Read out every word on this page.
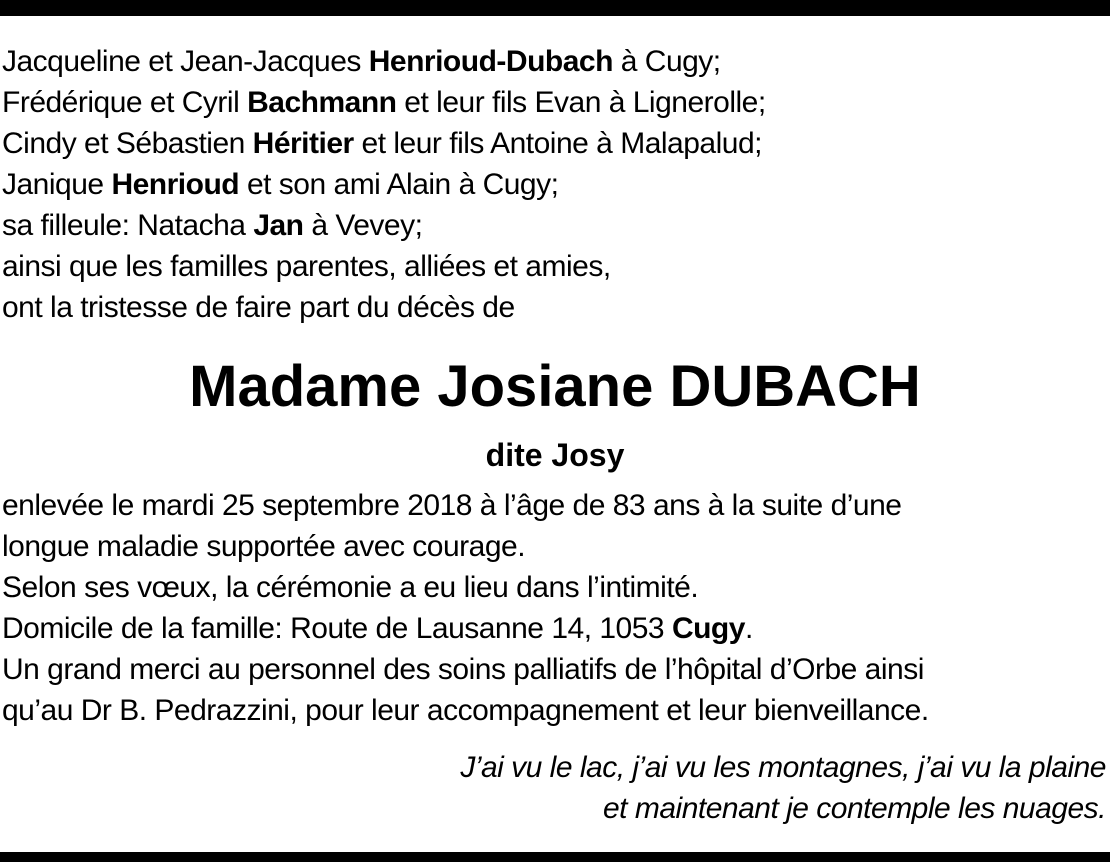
Jacqueline et Jean-Jacques Henrioud-Dubach à Cugy;
Frédérique et Cyril Bachmann et leur fils Evan à Lignerolle;
Cindy et Sébastien Héritier et leur fils Antoine à Malapalud;
Janique Henrioud et son ami Alain à Cugy;
sa filleule: Natacha Jan à Vevey;
ainsi que les familles parentes, alliées et amies,
ont la tristesse de faire part du décès de
Madame Josiane DUBACH
dite Josy
enlevée le mardi 25 septembre 2018 à l’âge de 83 ans à la suite d’une
longue maladie supportée avec courage.
Selon ses vœux, la cérémonie a eu lieu dans l’intimité.
Domicile de la famille: Route de Lausanne 14, 1053 Cugy.
Un grand merci au personnel des soins palliatifs de l’hôpital d’Orbe ainsi
qu’au Dr B. Pedrazzini, pour leur accompagnement et leur bienveillance.
J’ai vu le lac, j’ai vu les montagnes, j’ai vu la plaine
et maintenant je contemple les nuages.
